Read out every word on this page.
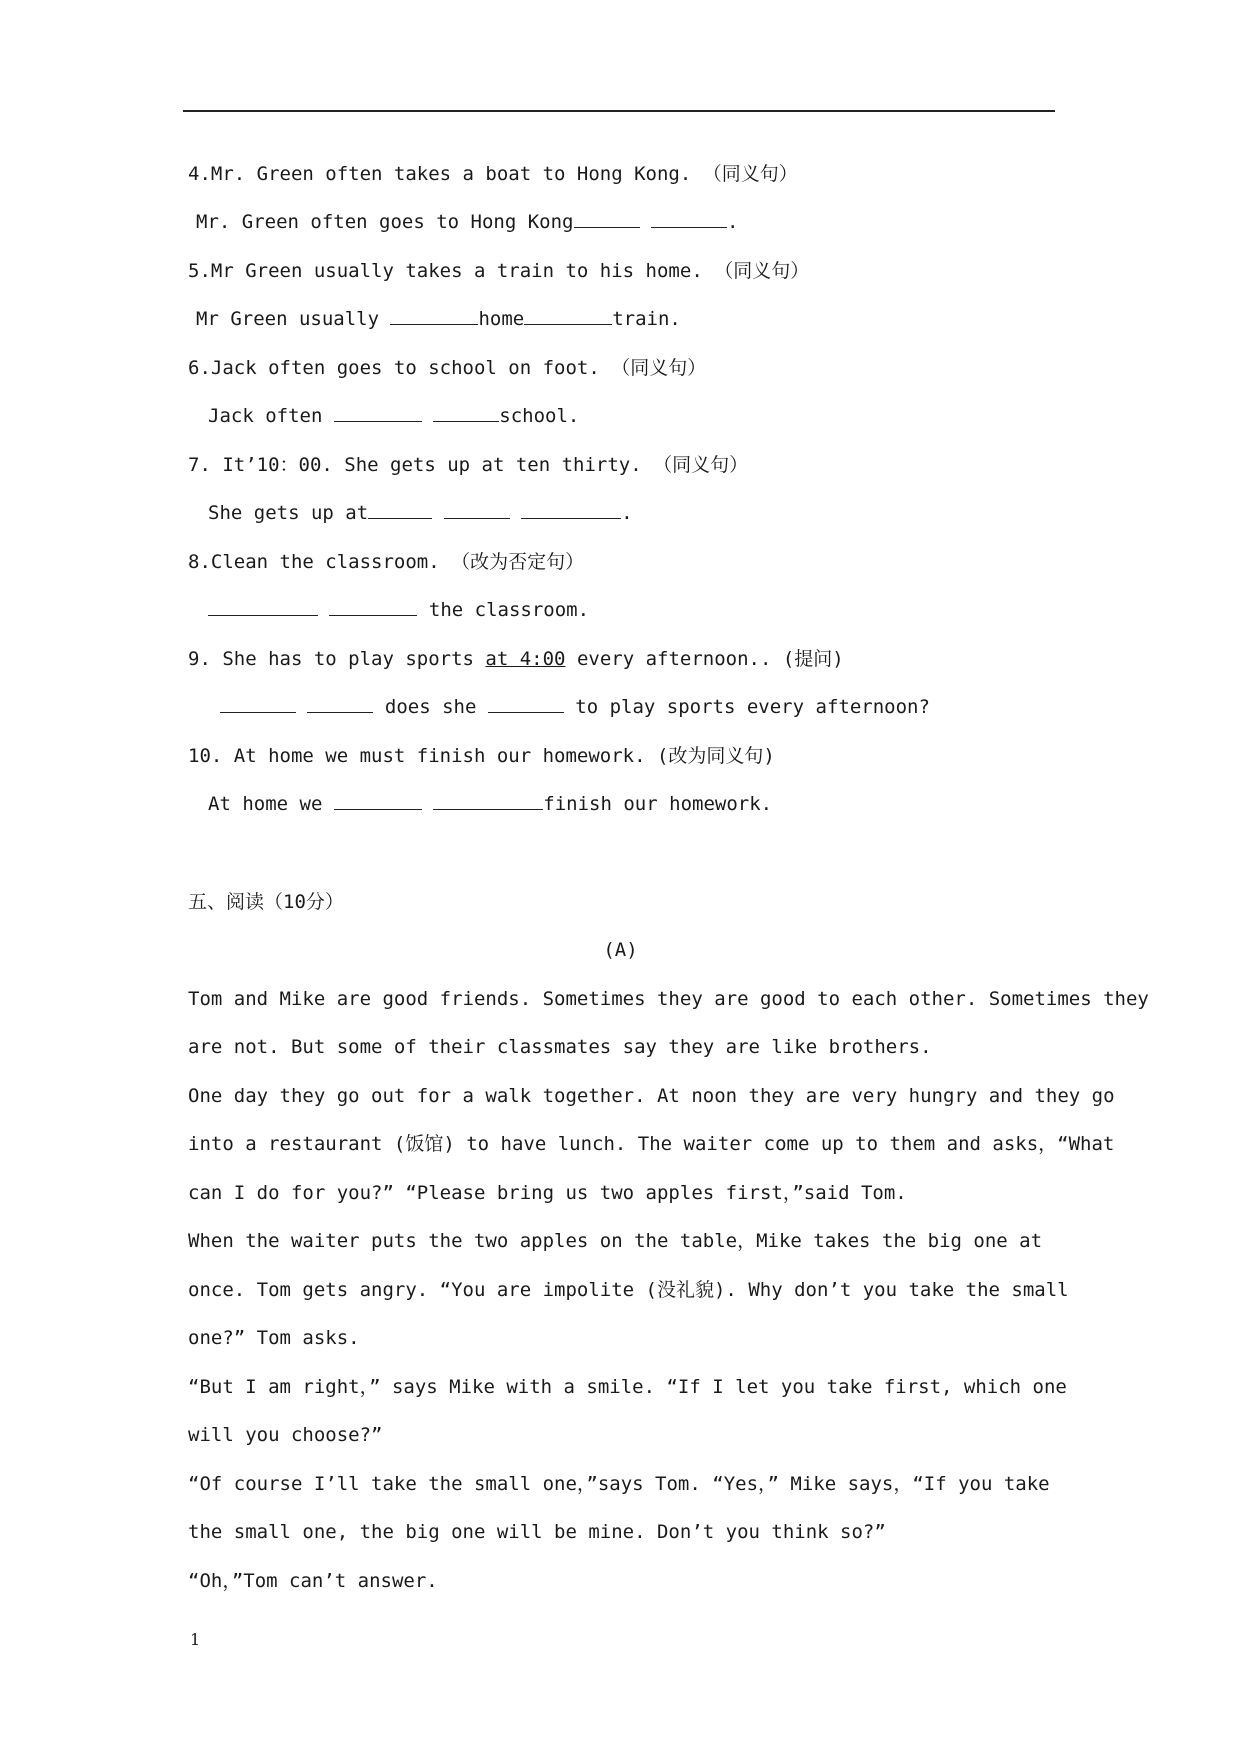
4.Mr. Green often takes a boat to Hong Kong. （同义句）
Mr. Green often goes to Hong Kong	.
5.Mr Green usually takes a train to his home. （同义句）
Mr Green usually	home	train.
6.Jack often goes to school on foot. （同义句）
Jack often	school.
7. It’10：00. She gets up at ten thirty. （同义句）
She gets up at	.
8.Clean the classroom. （改为否定句）
the classroom.
9. She has to play sports at 4:00 every afternoon.. (提问)
does she	to play sports every afternoon?
10. At home we must finish our homework. (改为同义句)
At home we	finish our homework.
五、阅读（10分）
(A)
Tom and Mike are good friends. Sometimes they are good to each other. Sometimes they
are not. But some of their classmates say they are like brothers.
One day they go out for a walk together. At noon they are very hungry and they go
into a restaurant (饭馆) to have lunch. The waiter come up to them and asks，“What
can I do for you?” “Please bring us two apples first，”said Tom.
When the waiter puts the two apples on the table，Mike takes the big one at
once. Tom gets angry. “You are impolite (没礼貌). Why don’t you take the small
one?” Tom asks.
“But I am right，” says Mike with a smile. “If I let you take first, which one
will you choose?”
“Of course I’ll take the small one，”says Tom. “Yes，” Mike says，“If you take
the small one, the big one will be mine. Don’t you think so?”
“Oh，”Tom can’t answer.
1
